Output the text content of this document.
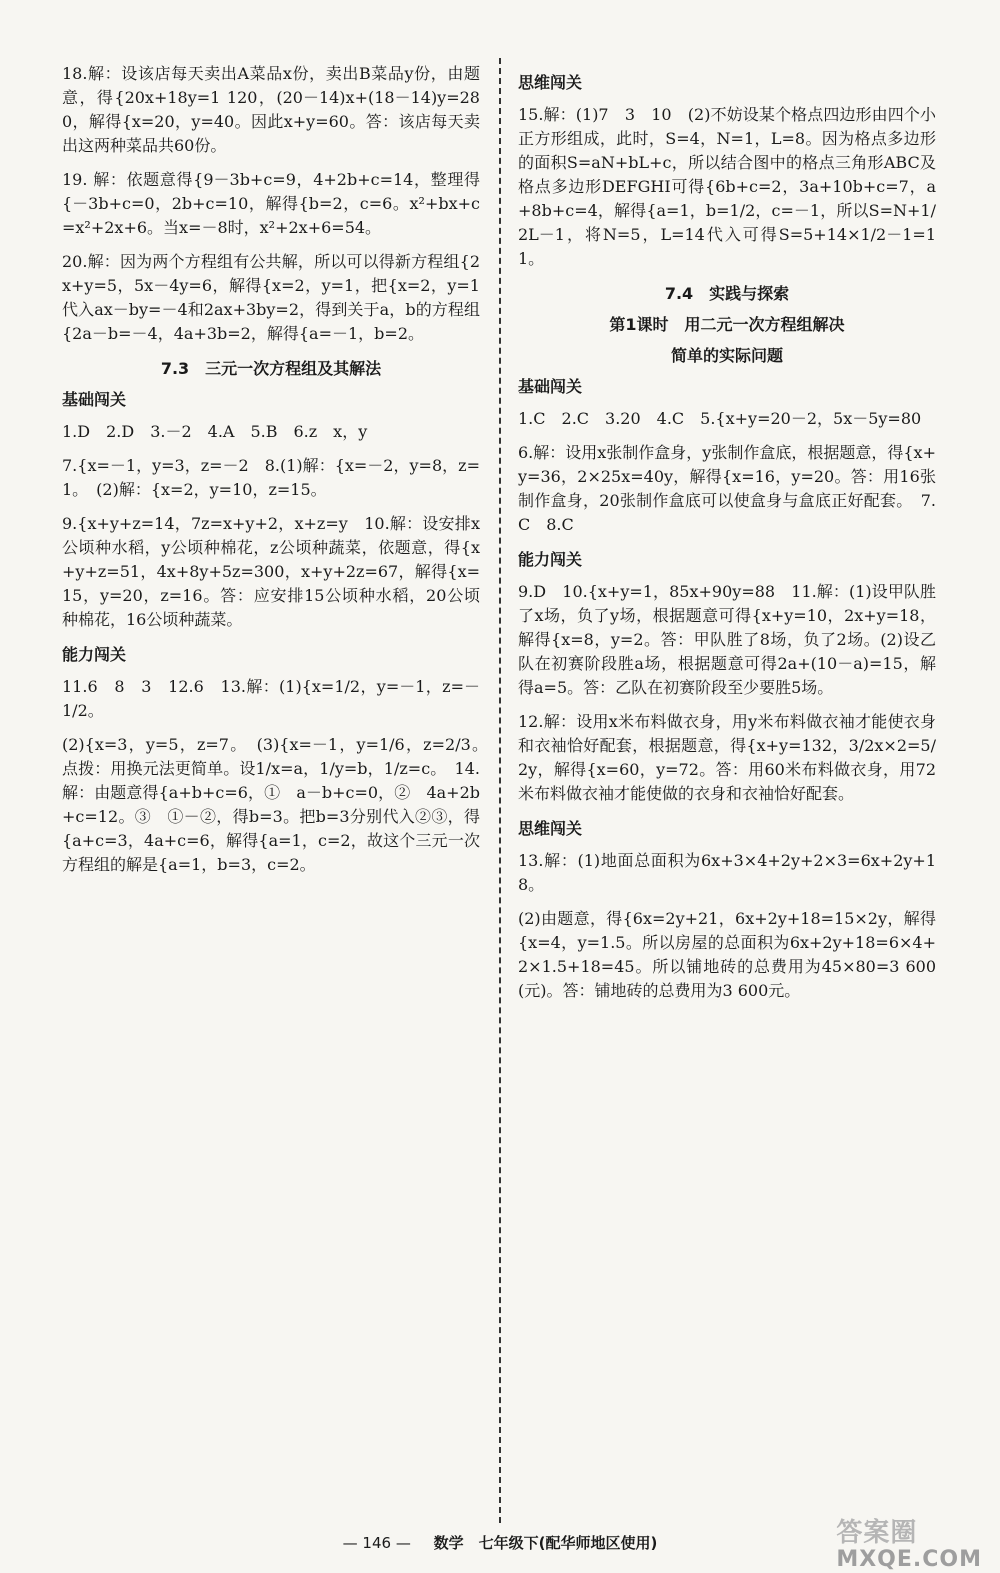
18.解：设该店每天卖出A菜品x份，卖出B菜品y份，由题意，得{20x+18y=1 120，(20－14)x+(18－14)y=280，解得{x=20，y=40。因此x+y=60。答：该店每天卖出这两种菜品共60份。
19. 解：依题意得{9－3b+c=9，4+2b+c=14，整理得{－3b+c=0，2b+c=10，解得{b=2，c=6。x²+bx+c=x²+2x+6。当x=－8时，x²+2x+6=54。
20.解：因为两个方程组有公共解，所以可以得新方程组{2x+y=5，5x－4y=6，解得{x=2，y=1，把{x=2，y=1代入ax－by=－4和2ax+3by=2，得到关于a，b的方程组{2a－b=－4，4a+3b=2，解得{a=－1，b=2。
7.3　三元一次方程组及其解法
基础闯关
1.D　2.D　3.－2　4.A　5.B　6.z　x，y
7.{x=－1，y=3，z=－2　8.(1)解：{x=－2，y=8，z=1。　(2)解：{x=2，y=10，z=15。
9.{x+y+z=14，7z=x+y+2，x+z=y　10.解：设安排x公顷种水稻，y公顷种棉花，z公顷种蔬菜，依题意，得{x+y+z=51，4x+8y+5z=300，x+y+2z=67，解得{x=15，y=20，z=16。答：应安排15公顷种水稻，20公顷种棉花，16公顷种蔬菜。
能力闯关
11.6　8　3　12.6　13.解：(1){x=1/2，y=－1，z=－1/2。
(2){x=3，y=5，z=7。　(3){x=－1，y=1/6，z=2/3。　点拨：用换元法更简单。设1/x=a，1/y=b，1/z=c。　14.解：由题意得{a+b+c=6，①　a－b+c=0，②　4a+2b+c=12。③　①－②，得b=3。把b=3分别代入②③，得{a+c=3，4a+c=6，解得{a=1，c=2，故这个三元一次方程组的解是{a=1，b=3，c=2。
思维闯关
15.解：(1)7　3　10　(2)不妨设某个格点四边形由四个小正方形组成，此时，S=4，N=1，L=8。因为格点多边形的面积S=aN+bL+c，所以结合图中的格点三角形ABC及格点多边形DEFGHI可得{6b+c=2，3a+10b+c=7，a+8b+c=4，解得{a=1，b=1/2，c=－1，所以S=N+1/2L－1，将N=5，L=14代入可得S=5+14×1/2－1=11。
7.4　实践与探索
第1课时　用二元一次方程组解决
简单的实际问题
基础闯关
1.C　2.C　3.20　4.C　5.{x+y=20－2，5x－5y=80
6.解：设用x张制作盒身，y张制作盒底，根据题意，得{x+y=36，2×25x=40y，解得{x=16，y=20。答：用16张制作盒身，20张制作盒底可以使盒身与盒底正好配套。　7.C　8.C
能力闯关
9.D　10.{x+y=1，85x+90y=88　11.解：(1)设甲队胜了x场，负了y场，根据题意可得{x+y=10，2x+y=18，解得{x=8，y=2。答：甲队胜了8场，负了2场。(2)设乙队在初赛阶段胜a场，根据题意可得2a+(10－a)=15，解得a=5。答：乙队在初赛阶段至少要胜5场。
12.解：设用x米布料做衣身，用y米布料做衣袖才能使衣身和衣袖恰好配套，根据题意，得{x+y=132，3/2x×2=5/2y，解得{x=60，y=72。答：用60米布料做衣身，用72米布料做衣袖才能使做的衣身和衣袖恰好配套。
思维闯关
13.解：(1)地面总面积为6x+3×4+2y+2×3=6x+2y+18。
(2)由题意，得{6x=2y+21，6x+2y+18=15×2y，解得{x=4，y=1.5。所以房屋的总面积为6x+2y+18=6×4+2×1.5+18=45。所以铺地砖的总费用为45×80=3 600(元)。答：铺地砖的总费用为3 600元。
— 146 — 数学　七年级下(配华师地区使用)	答案圈
MXQE.COM
